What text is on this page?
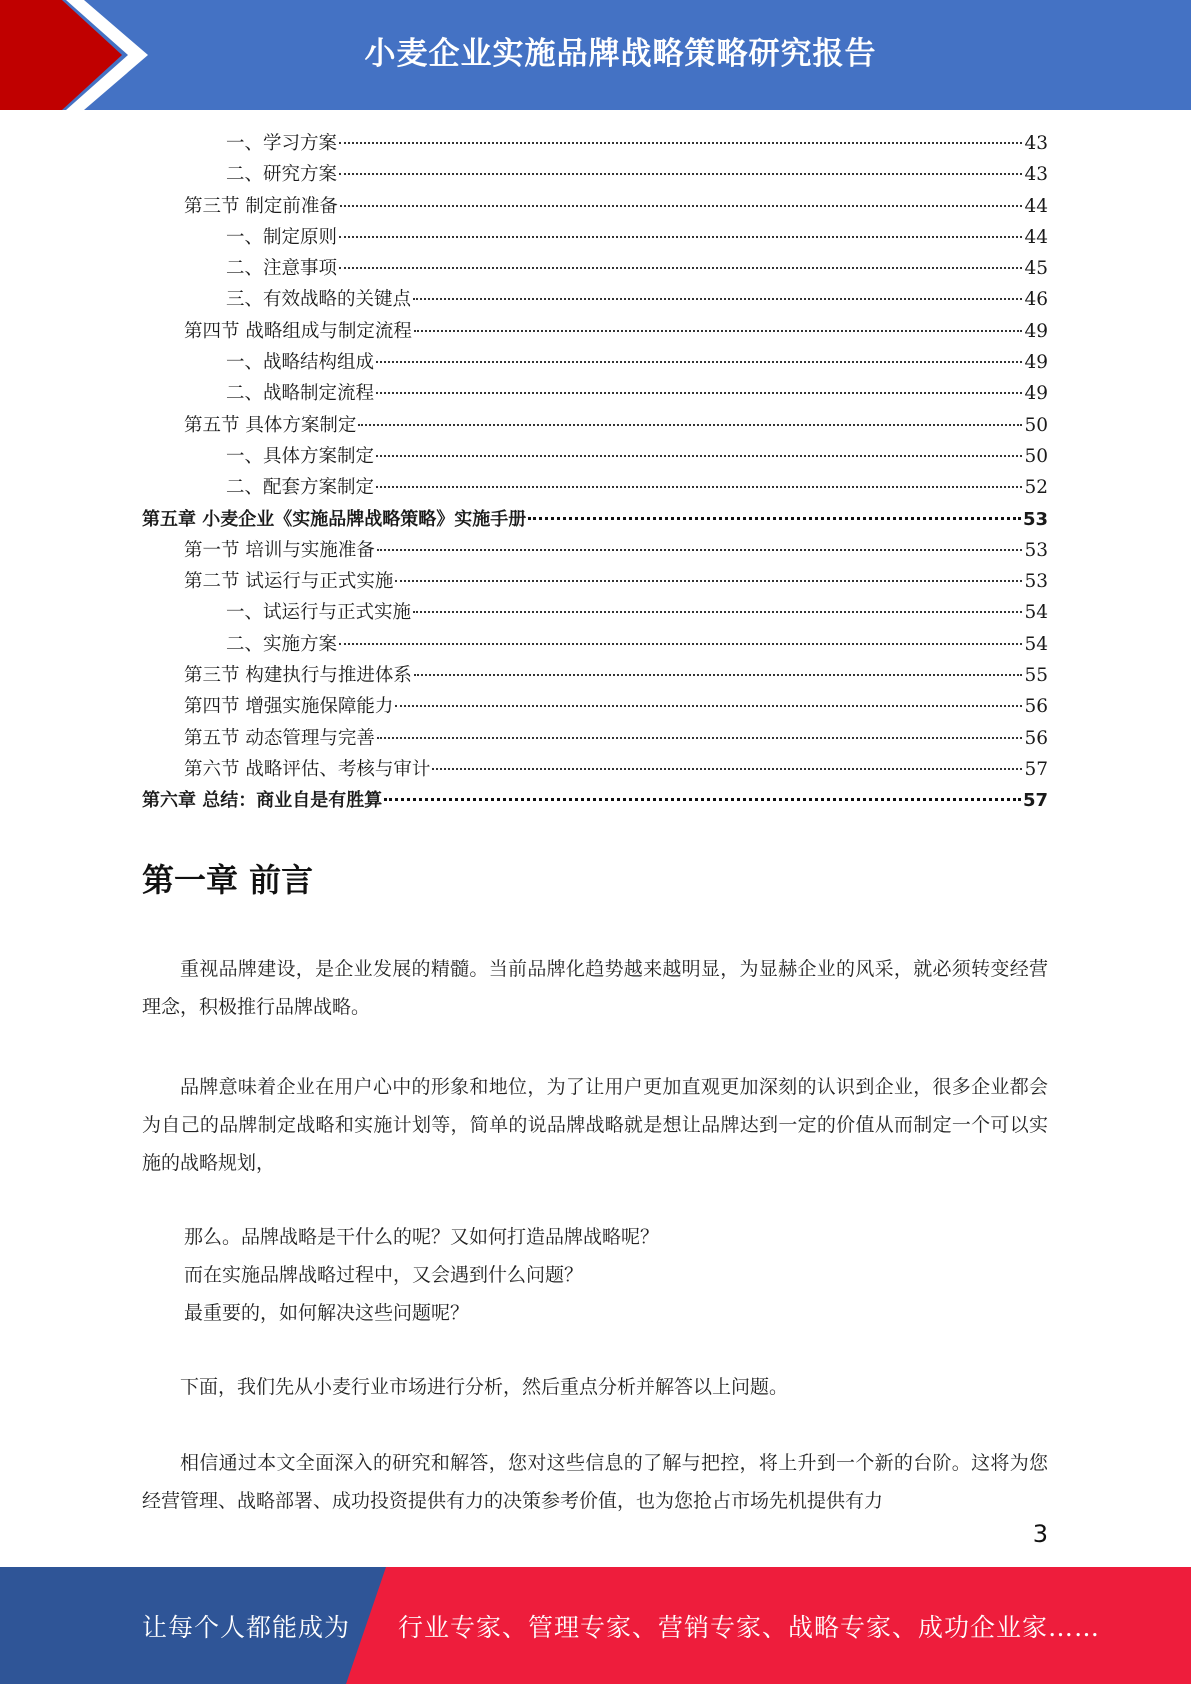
小麦企业实施品牌战略策略研究报告
一、学习方案	43
二、研究方案	43
第三节 制定前准备	44
一、制定原则	44
二、注意事项	45
三、有效战略的关键点	46
第四节 战略组成与制定流程	49
一、战略结构组成	49
二、战略制定流程	49
第五节 具体方案制定	50
一、具体方案制定	50
二、配套方案制定	52
第五章 小麦企业《实施品牌战略策略》实施手册	53
第一节 培训与实施准备	53
第二节 试运行与正式实施	53
一、试运行与正式实施	54
二、实施方案	54
第三节 构建执行与推进体系	55
第四节 增强实施保障能力	56
第五节 动态管理与完善	56
第六节 战略评估、考核与审计	57
第六章 总结：商业自是有胜算	57
第一章 前言

重视品牌建设，是企业发展的精髓。当前品牌化趋势越来越明显，为显赫企业的风采，就必须转变经营理念，积极推行品牌战略。

品牌意味着企业在用户心中的形象和地位，为了让用户更加直观更加深刻的认识到企业，很多企业都会为自己的品牌制定战略和实施计划等，简单的说品牌战略就是想让品牌达到一定的价值从而制定一个可以实施的战略规划，

那么。品牌战略是干什么的呢？又如何打造品牌战略呢？

而在实施品牌战略过程中，又会遇到什么问题？

最重要的，如何解决这些问题呢？

下面，我们先从小麦行业市场进行分析，然后重点分析并解答以上问题。

相信通过本文全面深入的研究和解答，您对这些信息的了解与把控，将上升到一个新的台阶。这将为您经营管理、战略部署、成功投资提供有力的决策参考价值，也为您抢占市场先机提供有力

3
让每个人都能成为 行业专家、管理专家、营销专家、战略专家、成功企业家……
